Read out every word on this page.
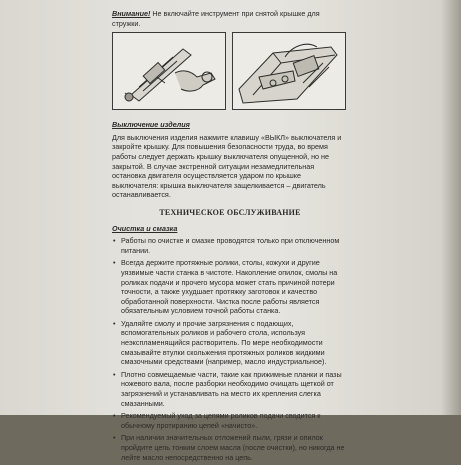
Внимание! Не включайте инструмент при снятой крышке для стружки.

Выключение изделия

Для выключения изделия нажмите клавишу «ВЫКЛ» выключателя и закройте крышку. Для повышения безопасности труда, во время работы следует держать крышку выключателя опущенной, но не закрытой. В случае экстренной ситуации незамедлительная остановка двигателя осуществляется ударом по крышке выключателя: крышка выключателя защелкивается – двигатель останавливается.

ТЕХНИЧЕСКОЕ ОБСЛУЖИВАНИЕ
Очистка и смазка
• Работы по очистке и смазке проводятся только при отключенном питании.
• Всегда держите протяжные ролики, столы, кожухи и другие уязвимые части станка в чистоте. Накопление опилок, смолы на роликах подачи и прочего мусора может стать причиной потери точности, а также ухудшает протяжку заготовок и качество обработанной поверхности. Чистка после работы является обязательным условием точной работы станка.
• Удаляйте смолу и прочие загрязнения с подающих, вспомогательных роликов и рабочего стола, используя неэкспламенящийся растворитель. По мере необходимости смазывайте втулки скольжения протяжных роликов жидкими смазочными средствами (например, масло индустриальное).
• Плотно совмещаемые части, такие как прижимные планки и пазы ножевого вала, после разборки необходимо очищать щеткой от загрязнений и устанавливать на место их крепления слегка смазанными.
• Рекомендуемый уход за цепями роликов подачи сводится к обычному протиранию цепей «начисто».
• При наличии значительных отложений пыли, грязи и опилок пройдите цепь тонким слоем масла (после очистки), но никогда не лейте масло непосредственно на цепь.
